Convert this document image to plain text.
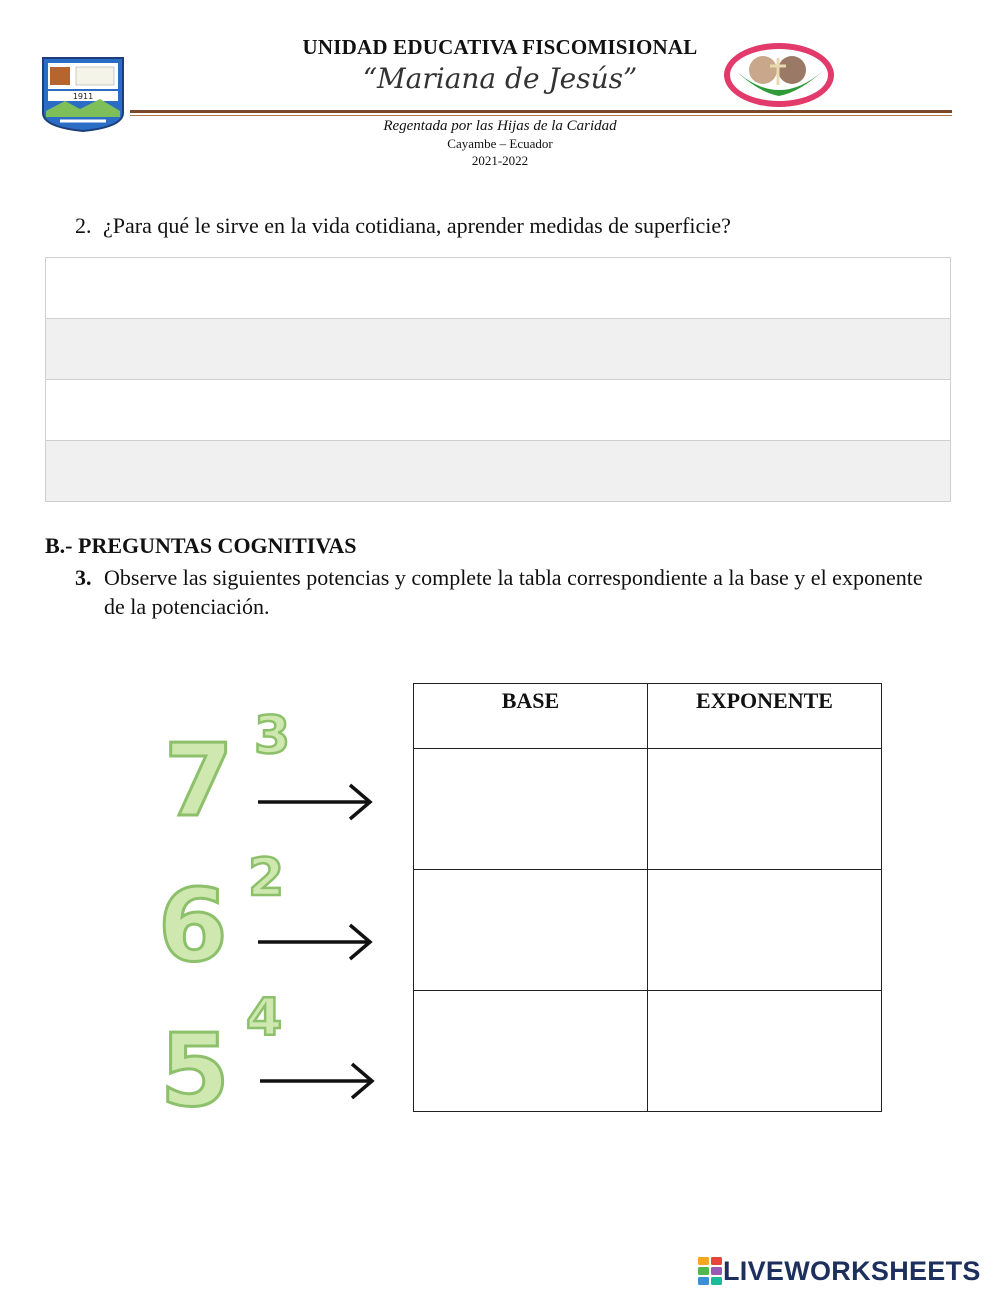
1911
UNIDAD EDUCATIVA FISCOMISIONAL
“Mariana de Jesús”
Regentada por las Hijas de la Caridad
Cayambe – Ecuador
2021-2022
2. ¿Para qué le sirve en la vida cotidiana, aprender medidas de superficie?
B.- PREGUNTAS COGNITIVAS
3. Observe las siguientes potencias y complete la tabla correspondiente a la base y el exponente de la potenciación.
7 3
6 2
5 4
BASE	EXPONENTE

LIVEWORKSHEETS
